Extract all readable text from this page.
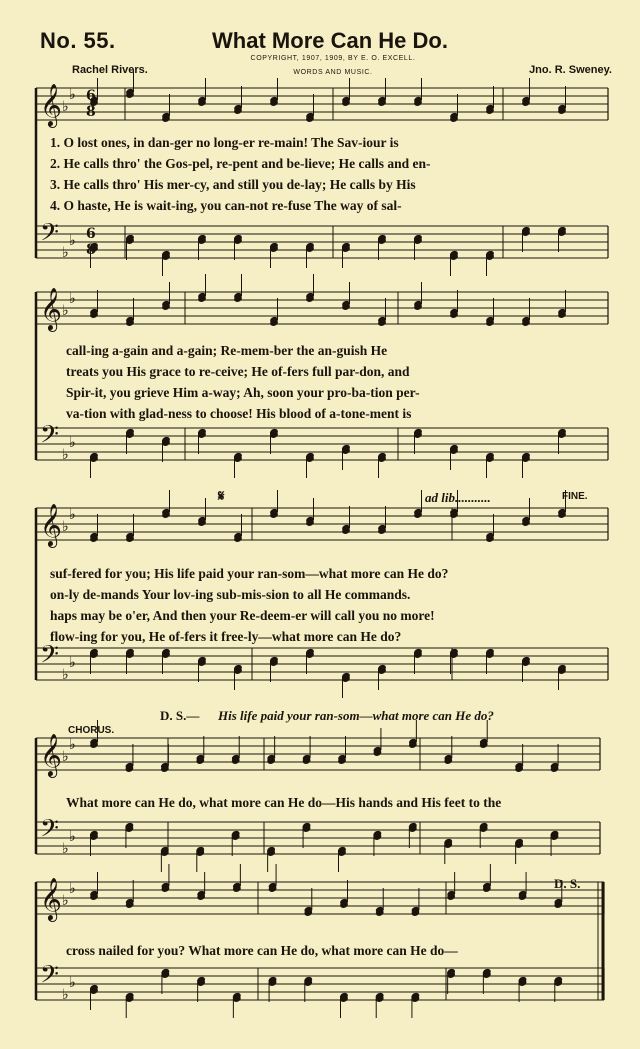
No. 55.	What More Can He Do.
COPYRIGHT, 1907, 1909, BY E. O. EXCELL.
WORDS AND MUSIC.
Rachel Rivers.	Jno. R. Sweney.
𝄞
𝄢
♭
♭
♭
♭
𝄞
𝄢
♭
♭
♭
♭
𝄞
𝄢
♭
♭
♭
♭
𝄞
𝄢
♭
♭
♭
♭
𝄞
𝄢
♭
♭
♭
♭
6
8
6
8
1. O lost ones, in dan-ger no long-er re-main! The Sav-iour is
2. He calls thro' the Gos-pel, re-pent and be-lieve; He calls and en-
3. He calls thro' His mer-cy, and still you de-lay; He calls by His
4. O haste, He is wait-ing, you can-not re-fuse The way of sal-
call-ing a-gain and a-gain; Re-mem-ber the an-guish He
treats you His grace to re-ceive; He of-fers full par-don, and
Spir-it, you grieve Him a-way; Ah, soon your pro-ba-tion per-
va-tion with glad-ness to choose! His blood of a-tone-ment is
𝄋	ad lib...........	FINE.
suf-fered for you; His life paid your ran-som—what more can He do?
on-ly de-mands Your lov-ing sub-mis-sion to all He commands.
haps may be o'er, And then your Re-deem-er will call you no more!
flow-ing for you, He of-fers it free-ly—what more can He do?
D. S.— His life paid your ran-som—what more can He do?
CHORUS.
What more can He do, what more can He do—His hands and His feet to the
D. S.
cross nailed for you? What more can He do, what more can He do—
